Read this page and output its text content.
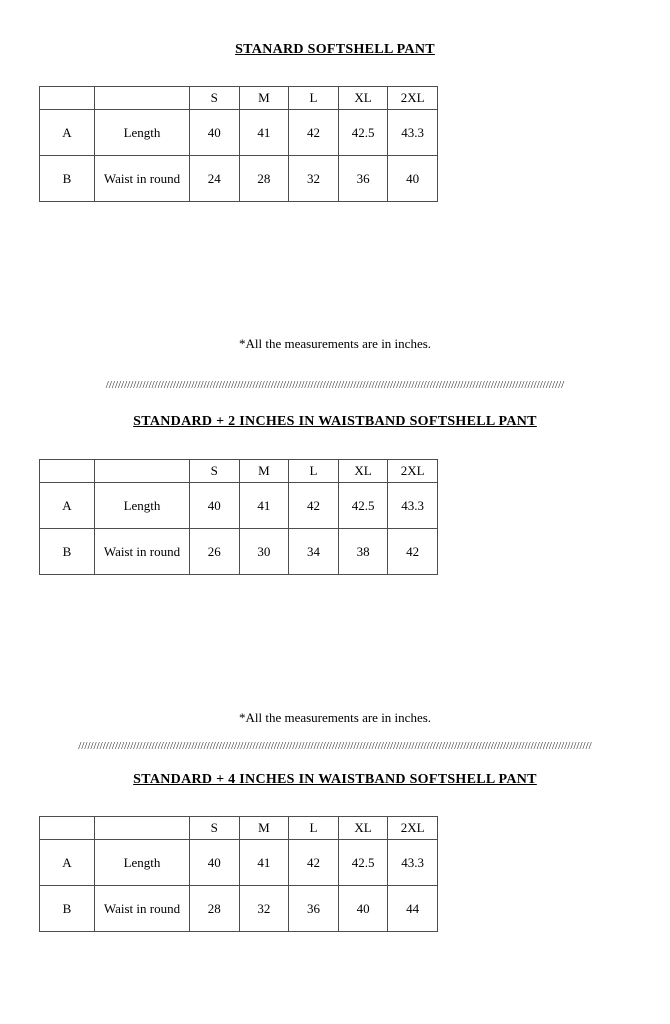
STANARD SOFTSHELL PANT
		S	M	L	XL	2XL
A	Length	40	41	42	42.5	43.3
B	Waist in round	24	28	32	36	40
*All the measurements are in inches.
//////////////////////////////////////////////////////////////////////////////////////////////////////////////////////////////////////////////////////
STANDARD + 2 INCHES IN WAISTBAND SOFTSHELL PANT
		S	M	L	XL	2XL
A	Length	40	41	42	42.5	43.3
B	Waist in round	26	30	34	38	42
*All the measurements are in inches.
////////////////////////////////////////////////////////////////////////////////////////////////////////////////////////////////////////////////////////////////////////
STANDARD + 4 INCHES IN WAISTBAND SOFTSHELL PANT
		S	M	L	XL	2XL
A	Length	40	41	42	42.5	43.3
B	Waist in round	28	32	36	40	44
